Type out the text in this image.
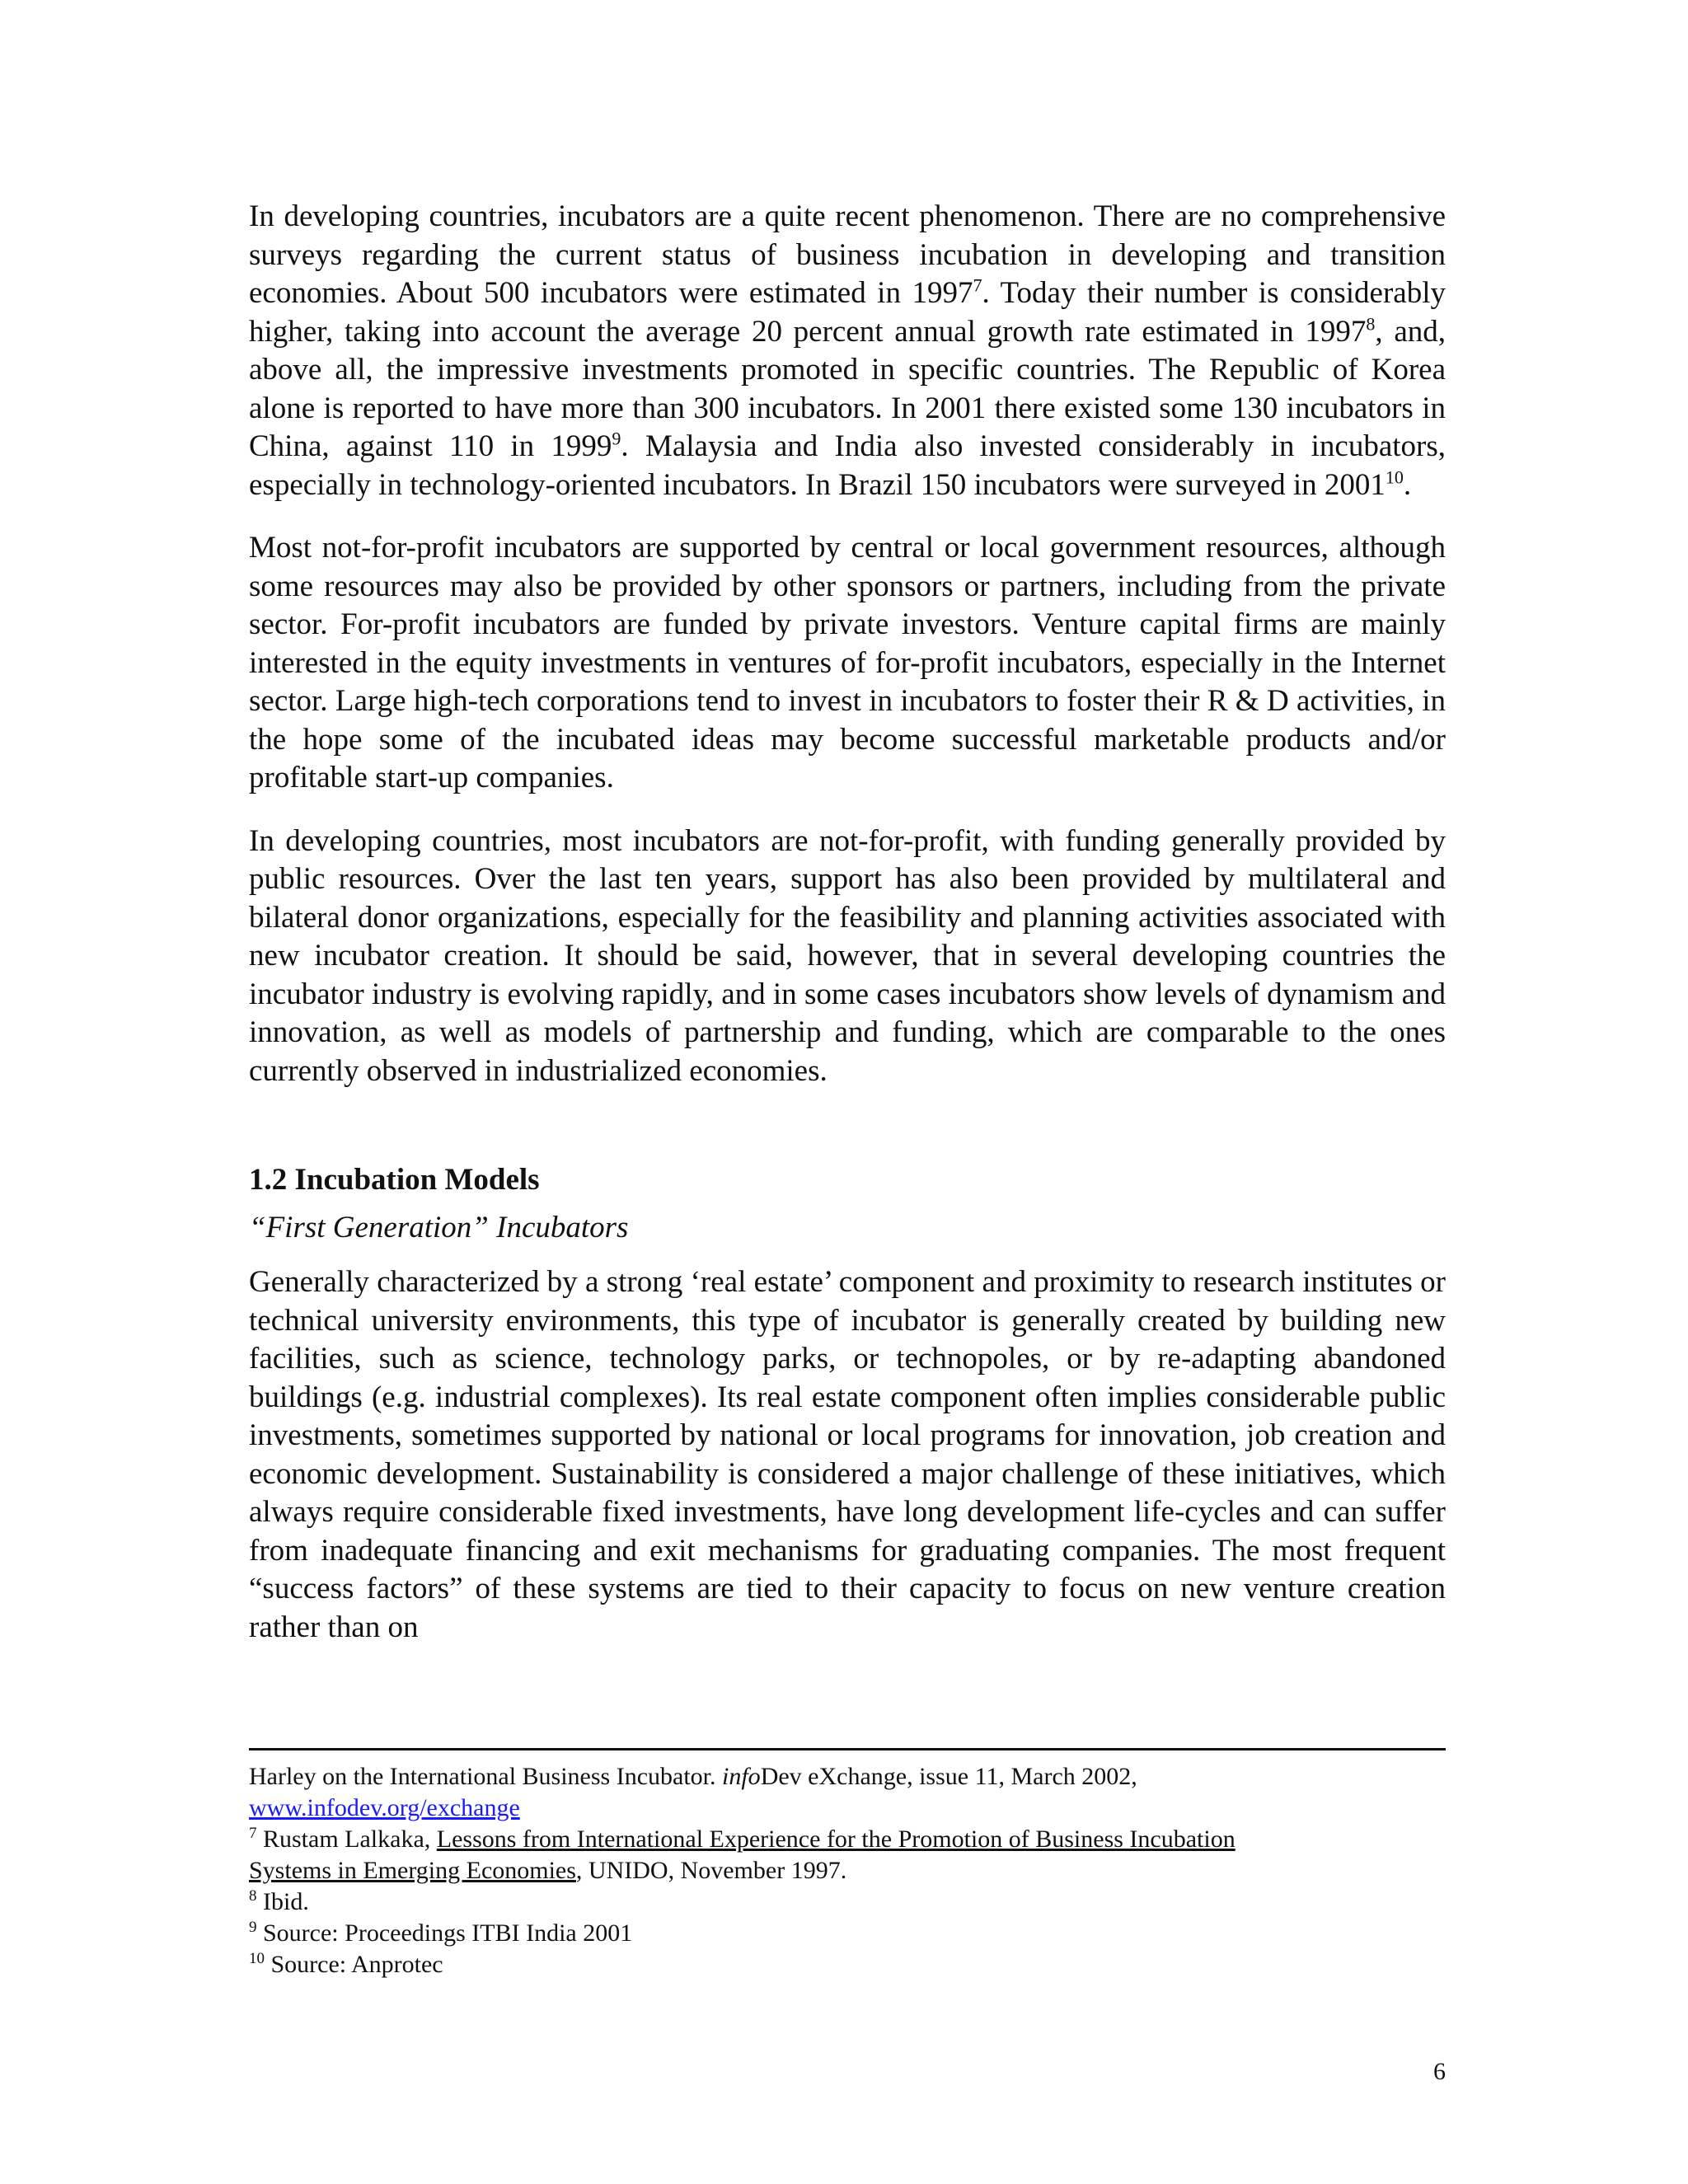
In developing countries, incubators are a quite recent phenomenon. There are no comprehensive surveys regarding the current status of business incubation in developing and transition economies. About 500 incubators were estimated in 1997$^7$. Today their number is considerably higher, taking into account the average 20 percent annual growth rate estimated in 1997$^8$, and, above all, the impressive investments promoted in specific countries. The Republic of Korea alone is reported to have more than 300 incubators. In 2001 there existed some 130 incubators in China, against 110 in 1999$^9$. Malaysia and India also invested considerably in incubators, especially in technology-oriented incubators. In Brazil 150 incubators were surveyed in 2001$^{10}$.

Most not-for-profit incubators are supported by central or local government resources, although some resources may also be provided by other sponsors or partners, including from the private sector. For-profit incubators are funded by private investors. Venture capital firms are mainly interested in the equity investments in ventures of for-profit incubators, especially in the Internet sector. Large high-tech corporations tend to invest in incubators to foster their R & D activities, in the hope some of the incubated ideas may become successful marketable products and/or profitable start-up companies.

In developing countries, most incubators are not-for-profit, with funding generally provided by public resources. Over the last ten years, support has also been provided by multilateral and bilateral donor organizations, especially for the feasibility and planning activities associated with new incubator creation. It should be said, however, that in several developing countries the incubator industry is evolving rapidly, and in some cases incubators show levels of dynamism and innovation, as well as models of partnership and funding, which are comparable to the ones currently observed in industrialized economies.

1.2 Incubation Models
“First Generation” Incubators

Generally characterized by a strong ‘real estate’ component and proximity to research institutes or technical university environments, this type of incubator is generally created by building new facilities, such as science, technology parks, or technopoles, or by re-adapting abandoned buildings (e.g. industrial complexes). Its real estate component often implies considerable public investments, sometimes supported by national or local programs for innovation, job creation and economic development. Sustainability is considered a major challenge of these initiatives, which always require considerable fixed investments, have long development life-cycles and can suffer from inadequate financing and exit mechanisms for graduating companies. The most frequent “success factors” of these systems are tied to their capacity to focus on new venture creation rather than on

Harley on the International Business Incubator. infoDev eXchange, issue 11, March 2002,

www.infodev.org/exchange

$^7$ Rustam Lalkaka, Lessons from International Experience for the Promotion of Business Incubation

Systems in Emerging Economies, UNIDO, November 1997.

$^8$ Ibid.

$^9$ Source: Proceedings ITBI India 2001

$^{10}$ Source: Anprotec

6
